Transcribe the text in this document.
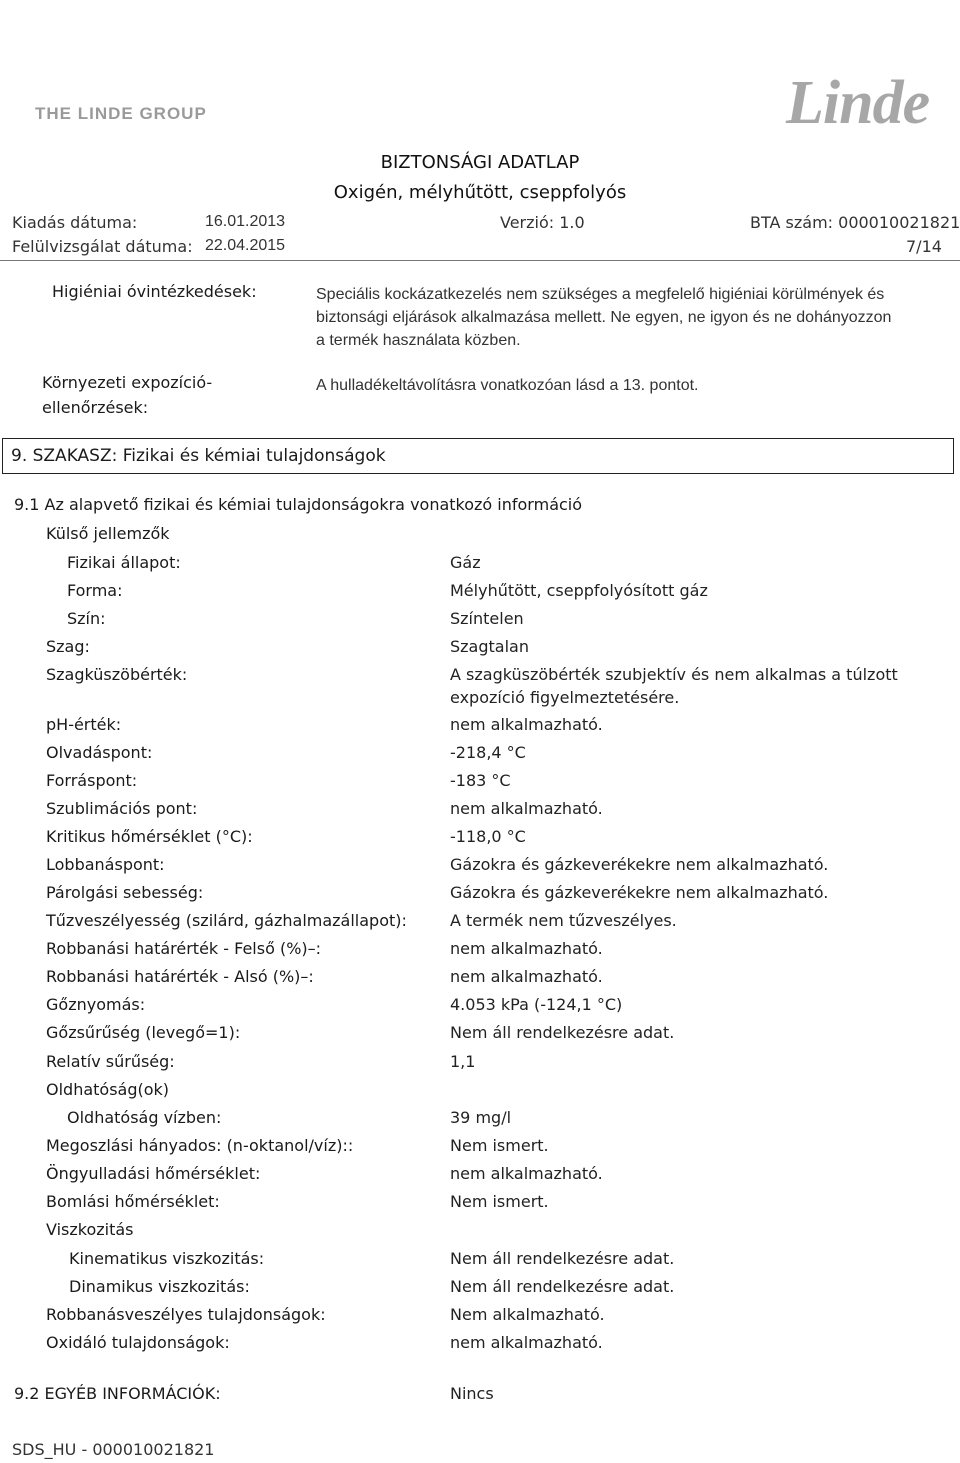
THE LINDE GROUP	Linde
BIZTONSÁGI ADATLAP
Oxigén, mélyhűtött, cseppfolyós
Kiadás dátuma:	16.01.2013	Verzió: 1.0	BTA szám: 000010021821
Felülvizsgálat dátuma: 22.04.2015	7/14
Higiéniai óvintézkedések:	Speciális kockázatkezelés nem szükséges a megfelelő higiéniai körülmények és
biztonsági eljárások alkalmazása mellett. Ne egyen, ne igyon és ne dohányozzon
a termék használata közben.
Környezeti expozíció-
ellenőrzések:
A hulladékeltávolításra vonatkozóan lásd a 13. pontot.
9. SZAKASZ: Fizikai és kémiai tulajdonságok
9.1 Az alapvető fizikai és kémiai tulajdonságokra vonatkozó információ
Külső jellemzők
Fizikai állapot:	Gáz
Forma:	Mélyhűtött, cseppfolyósított gáz
Szín:	Színtelen
Szag:	Szagtalan
Szagküszöbérték:	A szagküszöbérték szubjektív és nem alkalmas a túlzott
expozíció figyelmeztetésére.
pH-érték:	nem alkalmazható.
Olvadáspont:	-218,4 °C
Forráspont:	-183 °C
Szublimációs pont:	nem alkalmazható.
Kritikus hőmérséklet (°C):	-118,0 °C
Lobbanáspont:	Gázokra és gázkeverékekre nem alkalmazható.
Párolgási sebesség:	Gázokra és gázkeverékekre nem alkalmazható.
Tűzveszélyesség (szilárd, gázhalmazállapot):	A termék nem tűzveszélyes.
Robbanási határérték - Felső (%)–:	nem alkalmazható.
Robbanási határérték - Alsó (%)–:	nem alkalmazható.
Gőznyomás:	4.053 kPa (-124,1 °C)
Gőzsűrűség (levegő=1):	Nem áll rendelkezésre adat.
Relatív sűrűség:	1,1
Oldhatóság(ok)
Oldhatóság vízben:	39 mg/l
Megoszlási hányados: (n-oktanol/víz)::	Nem ismert.
Öngyulladási hőmérséklet:	nem alkalmazható.
Bomlási hőmérséklet:	Nem ismert.
Viszkozitás
Kinematikus viszkozitás:	Nem áll rendelkezésre adat.
Dinamikus viszkozitás:	Nem áll rendelkezésre adat.
Robbanásveszélyes tulajdonságok:	Nem alkalmazható.
Oxidáló tulajdonságok:	nem alkalmazható.
9.2 EGYÉB INFORMÁCIÓK:	Nincs
SDS_HU - 000010021821
